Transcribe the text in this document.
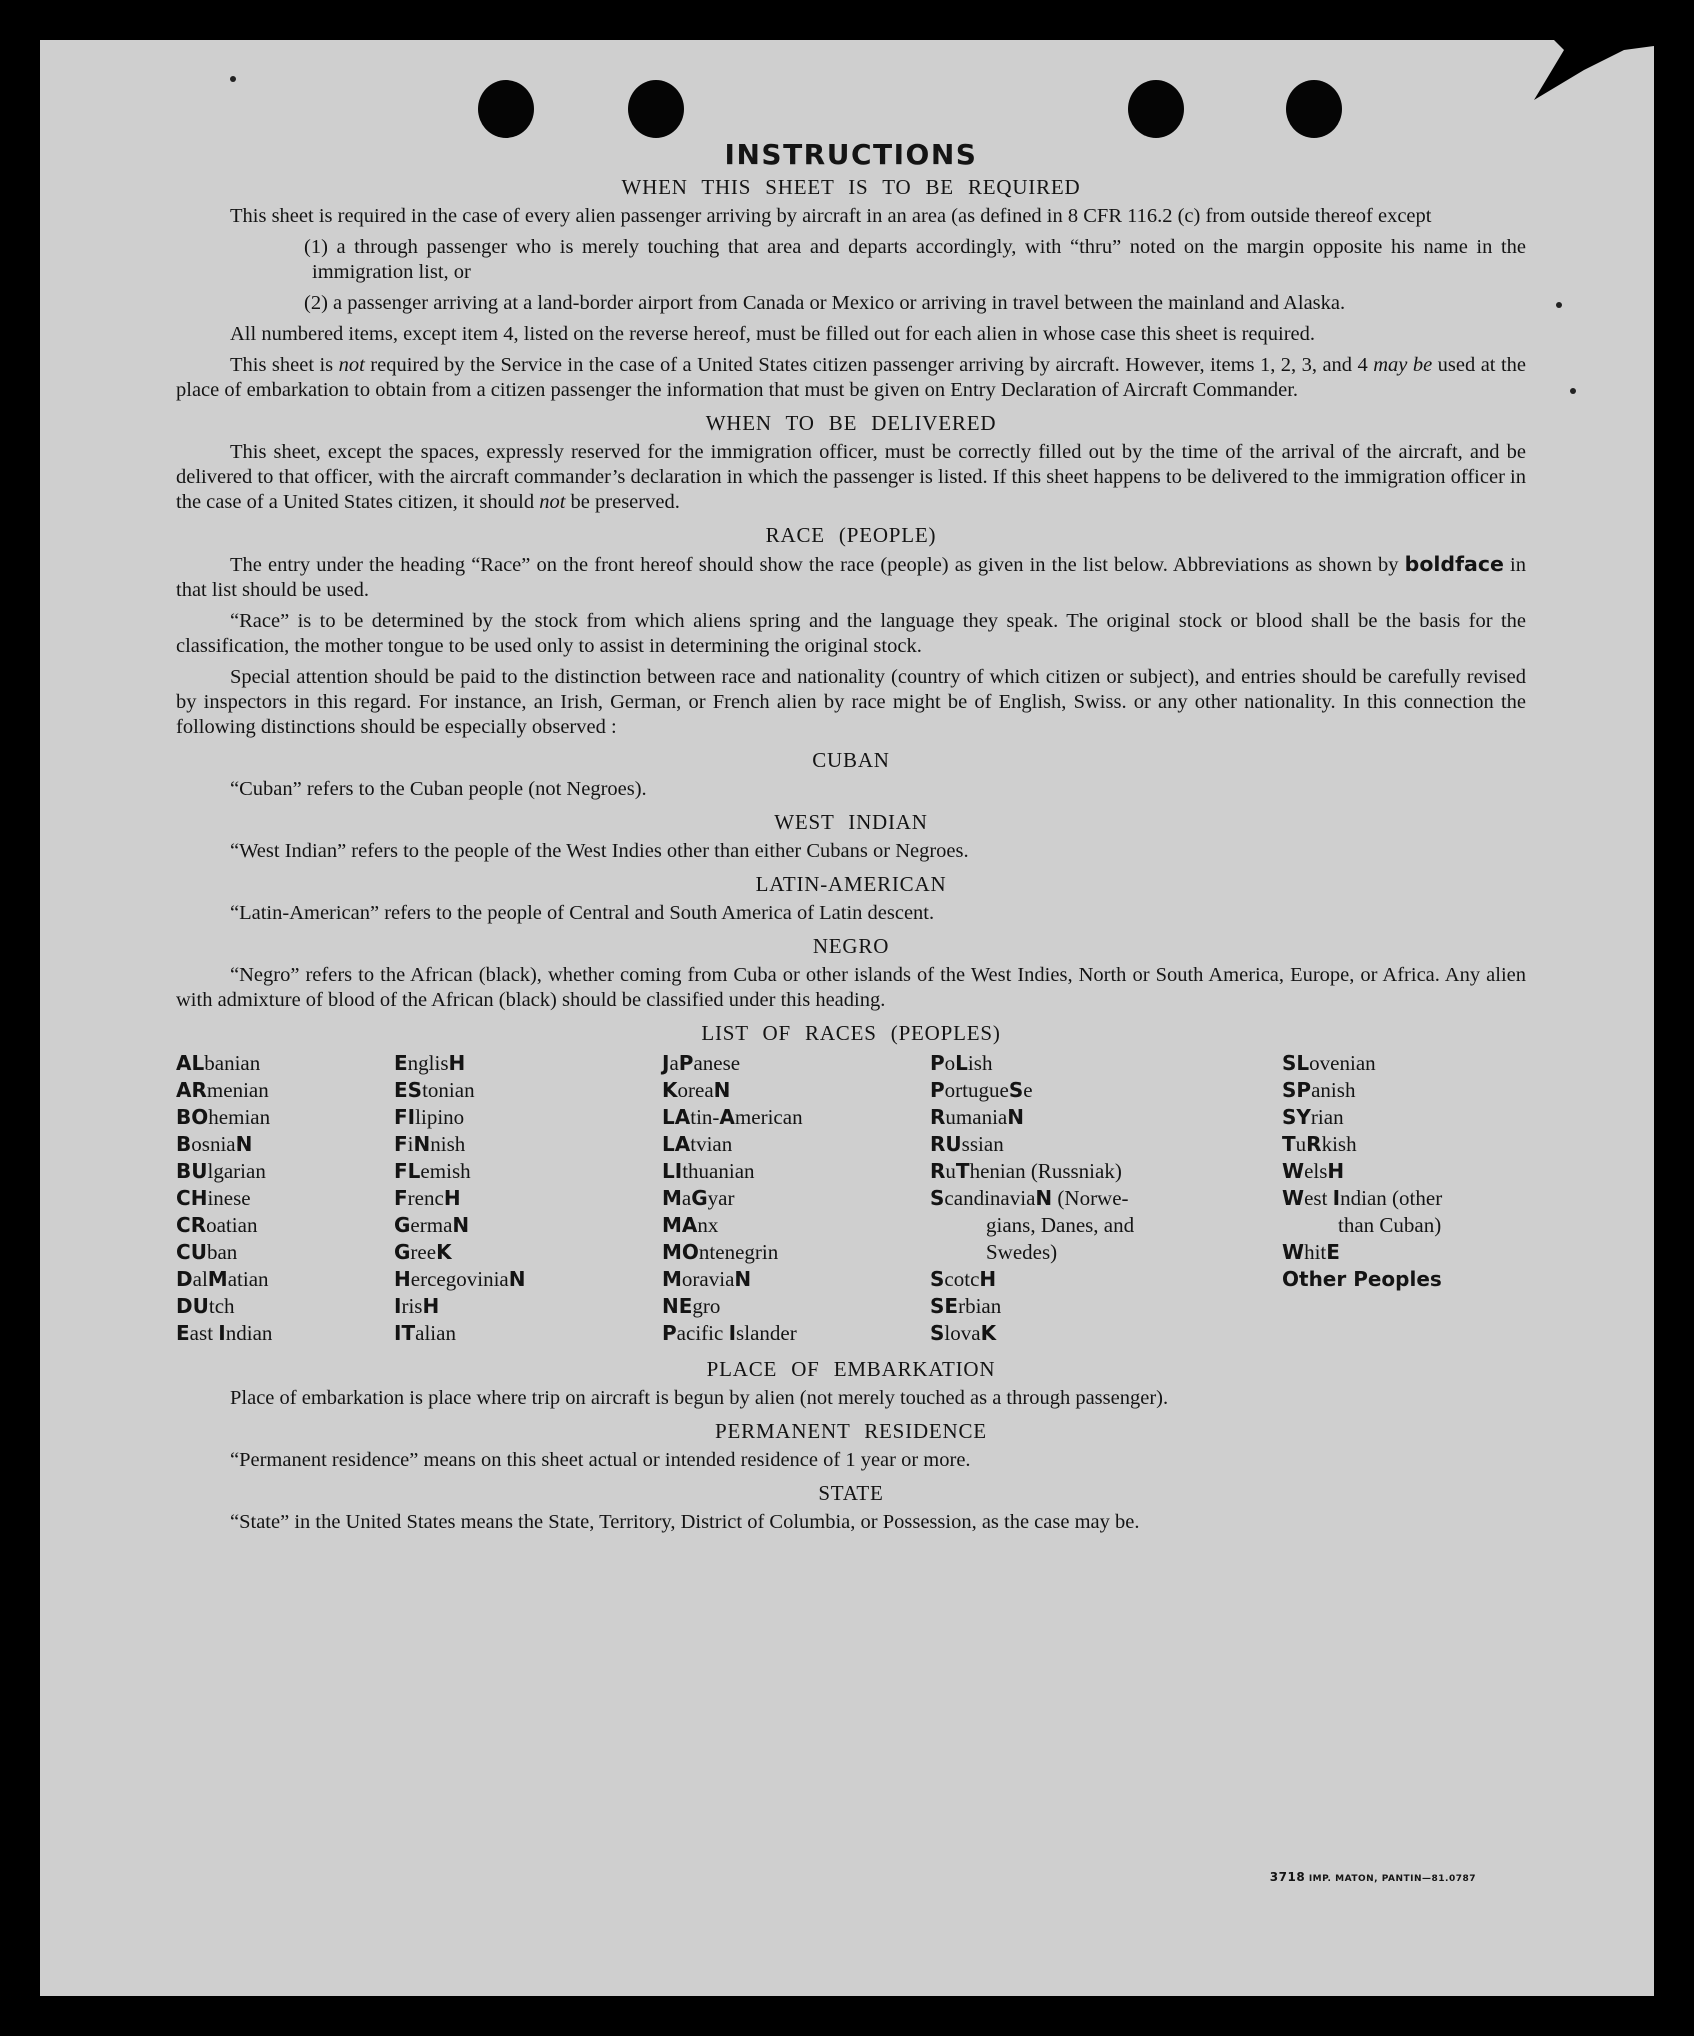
INSTRUCTIONS
WHEN THIS SHEET IS TO BE REQUIRED

This sheet is required in the case of every alien passenger arriving by aircraft in an area (as defined in 8 CFR 116.2 (c) from outside thereof except

(1) a through passenger who is merely touching that area and departs accordingly, with “thru” noted on the margin opposite his name in the immigration list, or
(2) a passenger arriving at a land-border airport from Canada or Mexico or arriving in travel between the mainland and Alaska.

All numbered items, except item 4, listed on the reverse hereof, must be filled out for each alien in whose case this sheet is required.

This sheet is not required by the Service in the case of a United States citizen passenger arriving by aircraft. However, items 1, 2, 3, and 4 may be used at the place of embarkation to obtain from a citizen passenger the information that must be given on Entry Declaration of Aircraft Commander.

WHEN TO BE DELIVERED

This sheet, except the spaces, expressly reserved for the immigration officer, must be correctly filled out by the time of the arrival of the aircraft, and be delivered to that officer, with the aircraft commander’s declaration in which the passenger is listed. If this sheet happens to be delivered to the immigration officer in the case of a United States citizen, it should not be preserved.

RACE (PEOPLE)

The entry under the heading “Race” on the front hereof should show the race (people) as given in the list below. Abbreviations as shown by boldface in that list should be used.

“Race” is to be determined by the stock from which aliens spring and the language they speak. The original stock or blood shall be the basis for the classification, the mother tongue to be used only to assist in determining the original stock.

Special attention should be paid to the distinction between race and nationality (country of which citizen or subject), and entries should be carefully revised by inspectors in this regard. For instance, an Irish, German, or French alien by race might be of English, Swiss. or any other nationality. In this connection the following distinctions should be especially observed :

CUBAN

“Cuban” refers to the Cuban people (not Negroes).

WEST INDIAN

“West Indian” refers to the people of the West Indies other than either Cubans or Negroes.

LATIN-AMERICAN

“Latin-American” refers to the people of Central and South America of Latin descent.

NEGRO

“Negro” refers to the African (black), whether coming from Cuba or other islands of the West Indies, North or South America, Europe, or Africa. Any alien with admixture of blood of the African (black) should be classified under this heading.

LIST OF RACES (PEOPLES)
ALbanian
ARmenian
BOhemian
BosniaN
BUlgarian
CHinese
CRoatian
CUban
DalMatian
DUtch
East Indian
EnglisH
EStonian
FIlipino
FiNnish
FLemish
FrencH
GermaN
GreeK
HercegoviniaN
IrisH
ITalian
JaPanese
KoreaN
LAtin-American
LAtvian
LIthuanian
MaGyar
MAnx
MOntenegrin
MoraviaN
NEgro
Pacific Islander
PoLish
PortugueSe
RumaniaN
RUssian
RuThenian (Russniak)
ScandinaviaN (Norwe-
gians, Danes, and
Swedes)
ScotcH
SErbian
SlovaK
SLovenian
SPanish
SYrian
TuRkish
WelsH
West Indian (other
than Cuban)
WhitE
Other Peoples
PLACE OF EMBARKATION

Place of embarkation is place where trip on aircraft is begun by alien (not merely touched as a through passenger).

PERMANENT RESIDENCE

“Permanent residence” means on this sheet actual or intended residence of 1 year or more.

STATE

“State” in the United States means the State, Territory, District of Columbia, or Possession, as the case may be.

3718 IMP. MATON, PANTIN—81.0787
